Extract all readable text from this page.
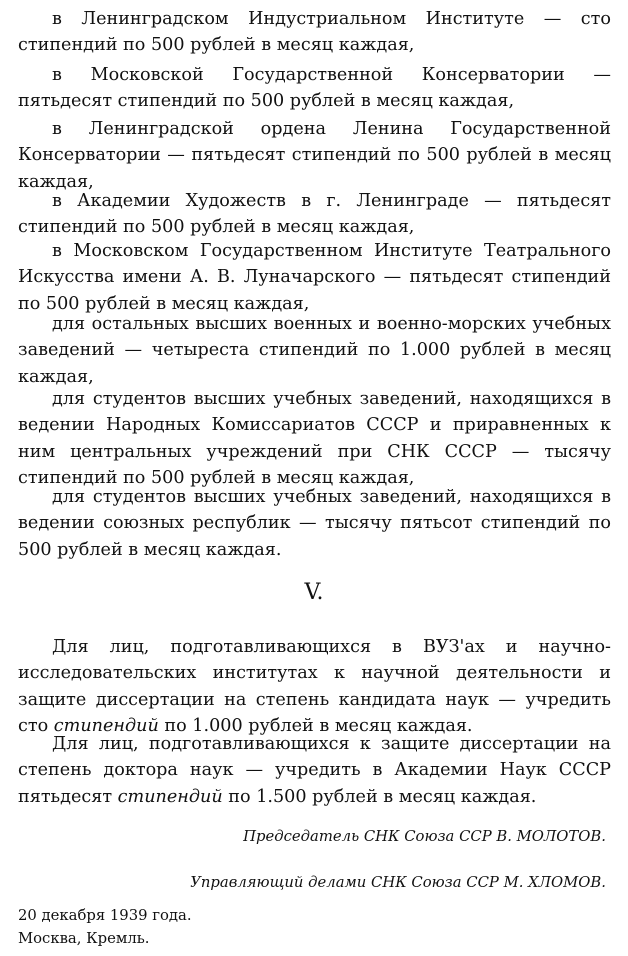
в Ленинградском Индустриальном Институте — сто стипендий по 500 рублей в месяц каждая,

в Московской Государственной Консерватории — пятьдесят стипендий по 500 рублей в месяц каждая,

в Ленинградской ордена Ленина Государственной Консерватории — пятьдесят стипендий по 500 рублей в месяц каждая,

в Академии Художеств в г. Ленинграде — пятьдесят стипендий по 500 рублей в месяц каждая,

в Московском Государственном Институте Театрального Искусства имени А. В. Луначарского — пятьдесят стипендий по 500 рублей в месяц каждая,

для остальных высших военных и военно-морских учебных заведений — четыреста стипендий по 1.000 рублей в месяц каждая,

для студентов высших учебных заведений, находящихся в ведении Народных Комиссариатов СССР и приравненных к ним центральных учреждений при СНК СССР — тысячу стипендий по 500 рублей в месяц каждая,

для студентов высших учебных заведений, находящихся в ведении союзных республик — тысячу пятьсот стипендий по 500 рублей в месяц каждая.

V.

Для лиц, подготавливающихся в ВУЗ'ах и научно-исследовательских институтах к научной деятельности и защите диссертации на степень кандидата наук — учредить сто стипендий по 1.000 рублей в месяц каждая.

Для лиц, подготавливающихся к защите диссертации на степень доктора наук — учредить в Академии Наук СССР пятьдесят стипендий по 1.500 рублей в месяц каждая.

Председатель СНК Союза ССР В. МОЛОТОВ.
Управляющий делами СНК Союза ССР М. ХЛОМОВ.
20 декабря 1939 года.
Москва, Кремль.
